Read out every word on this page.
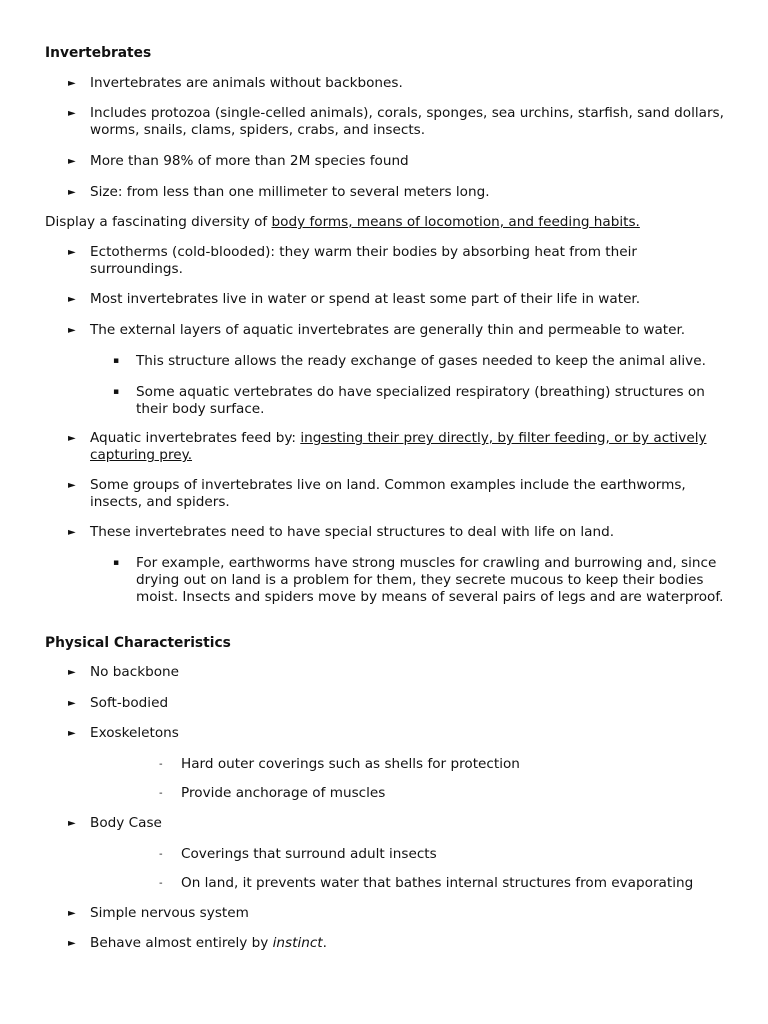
Invertebrates
► Invertebrates are animals without backbones.
► Includes protozoa (single-celled animals), corals, sponges, sea urchins, starfish, sand dollars, worms, snails, clams, spiders, crabs, and insects.
► More than 98% of more than 2M species found
► Size: from less than one millimeter to several meters long.
Display a fascinating diversity of body forms, means of locomotion, and feeding habits.
► Ectotherms (cold-blooded): they warm their bodies by absorbing heat from their surroundings.
► Most invertebrates live in water or spend at least some part of their life in water.
► The external layers of aquatic invertebrates are generally thin and permeable to water.
▪ This structure allows the ready exchange of gases needed to keep the animal alive.
▪ Some aquatic vertebrates do have specialized respiratory (breathing) structures on their body surface.
► Aquatic invertebrates feed by: ingesting their prey directly, by filter feeding, or by actively capturing prey.
► Some groups of invertebrates live on land. Common examples include the earthworms, insects, and spiders.
► These invertebrates need to have special structures to deal with life on land.
▪ For example, earthworms have strong muscles for crawling and burrowing and, since drying out on land is a problem for them, they secrete mucous to keep their bodies moist. Insects and spiders move by means of several pairs of legs and are waterproof.
Physical Characteristics
► No backbone
► Soft-bodied
► Exoskeletons
- Hard outer coverings such as shells for protection
- Provide anchorage of muscles
► Body Case
- Coverings that surround adult insects
- On land, it prevents water that bathes internal structures from evaporating
► Simple nervous system
► Behave almost entirely by instinct.
